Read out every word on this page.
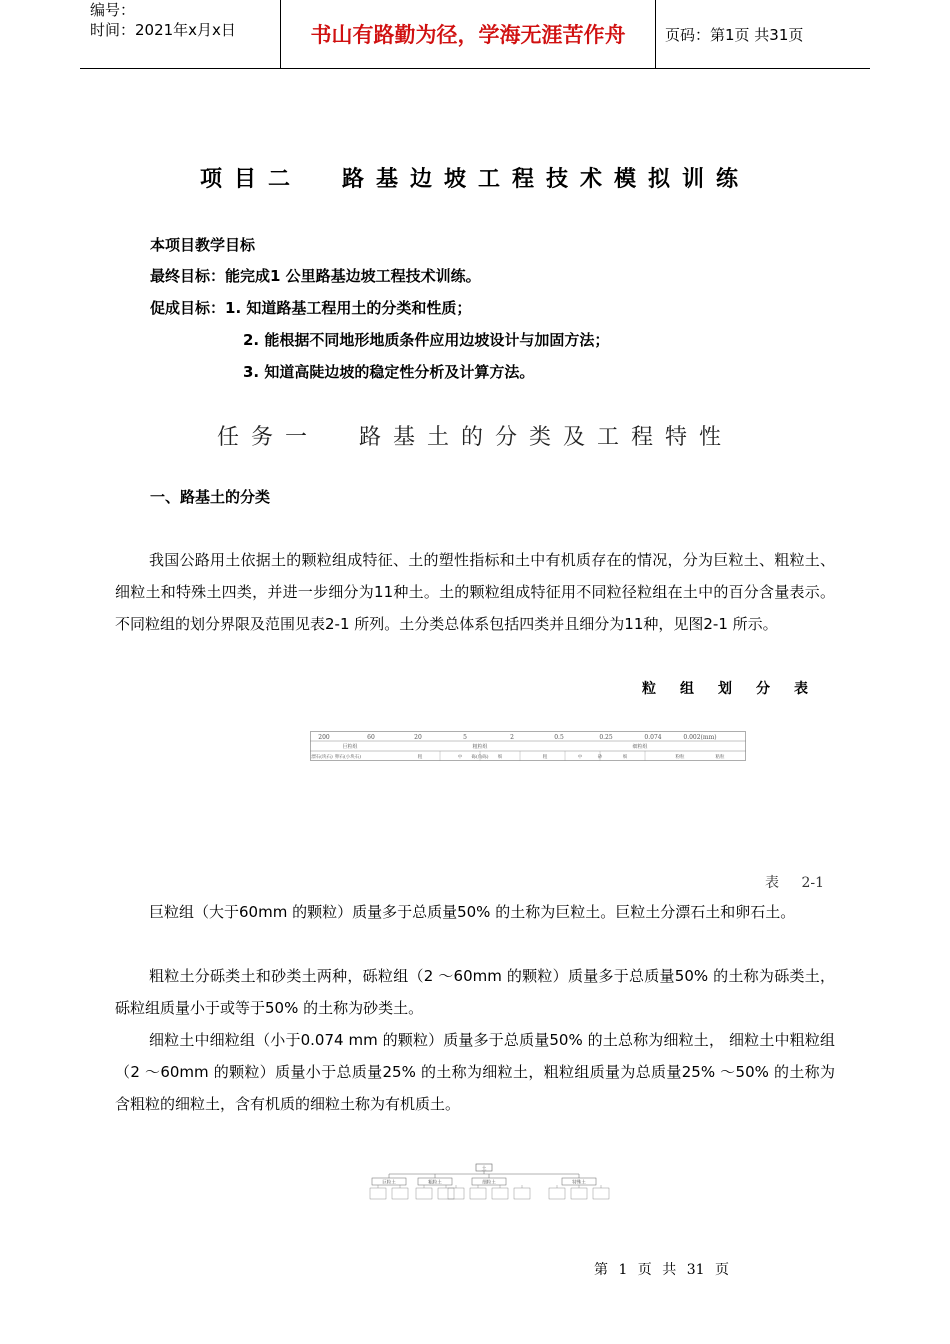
编号：
时间：2021年x月x日	书山有路勤为径，学海无涯苦作舟	页码：第1页 共31页
项目二 路基边坡工程技术模拟训练
本项目教学目标
最终目标：能完成1 公里路基边坡工程技术训练。
促成目标：1. 知道路基工程用土的分类和性质；
2. 能根据不同地形地质条件应用边坡设计与加固方法；
3. 知道高陡边坡的稳定性分析及计算方法。
任务一 路基土的分类及工程特性
一、路基土的分类
我国公路用土依据土的颗粒组成特征、土的塑性指标和土中有机质存在的情况，分为巨粒土、粗粒土、细粒土和特殊土四类，并进一步细分为11种土。土的颗粒组成特征用不同粒径粒组在土中的百分含量表示。不同粒组的划分界限及范围见表2-1 所列。土分类总体系包括四类并且细分为11种，见图2-1 所示。
粒组划分表
200	60	20	5	2	0.5	0.25	0.074	0.002(mm)
巨粒组	粗粒组	细粒组
漂石(块石) 卵石(小块石)	砾(角砾)	砂	粉粒	粘粒
粗	中	细	粗	中	细
表 2-1
巨粒组（大于60mm 的颗粒）质量多于总质量50% 的土称为巨粒土。巨粒土分漂石土和卵石土。
粗粒土分砾类土和砂类土两种，砾粒组（2 ～60mm 的颗粒）质量多于总质量50% 的土称为砾类土，砾粒组质量小于或等于50% 的土称为砂类土。
细粒土中细粒组（小于0.074 mm 的颗粒）质量多于总质量50% 的土总称为细粒土， 细粒土中粗粒组 （2 ～60mm 的颗粒）质量小于总质量25% 的土称为细粒土，粗粒组质量为总质量25% ～50% 的土称为含粗粒的细粒土，含有机质的细粒土称为有机质土。
土
巨粒土	粗粒土	细粒土	特殊土
第 1 页 共 31 页
